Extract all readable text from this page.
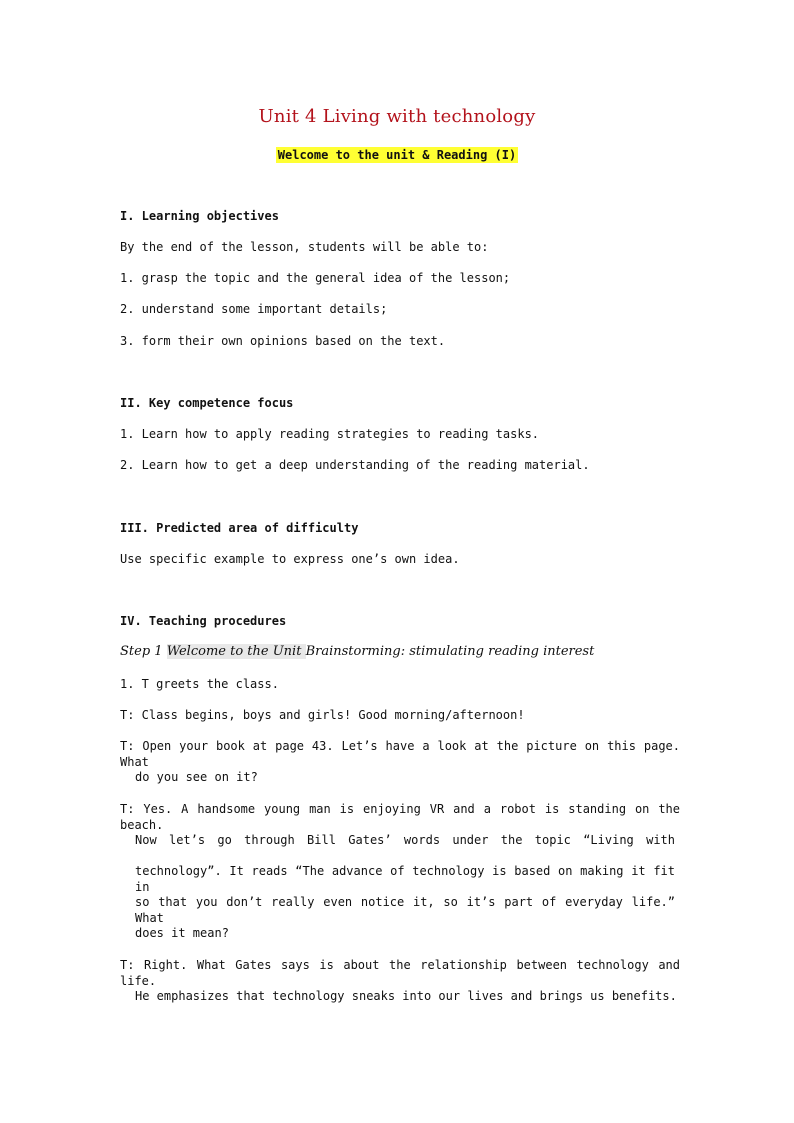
Unit 4 Living with technology
Welcome to the unit & Reading (I)
I. Learning objectives
By the end of the lesson, students will be able to:
1. grasp the topic and the general idea of the lesson;
2. understand some important details;
3. form their own opinions based on the text.
II. Key competence focus
1. Learn how to apply reading strategies to reading tasks.
2. Learn how to get a deep understanding of the reading material.
III. Predicted area of difficulty
Use specific example to express one’s own idea.
IV. Teaching procedures
Step 1 Welcome to the Unit Brainstorming: stimulating reading interest
1. T greets the class.
T: Class begins, boys and girls! Good morning/afternoon!
T: Open your book at page 43. Let’s have a look at the picture on this page. What
do you see on it?
T: Yes. A handsome young man is enjoying VR and a robot is standing on the beach.
Now let’s go through Bill Gates’ words under the topic “Living with
technology”. It reads “The advance of technology is based on making it fit in
so that you don’t really even notice it, so it’s part of everyday life.” What
does it mean?
T: Right. What Gates says is about the relationship between technology and life.
He emphasizes that technology sneaks into our lives and brings us benefits.
